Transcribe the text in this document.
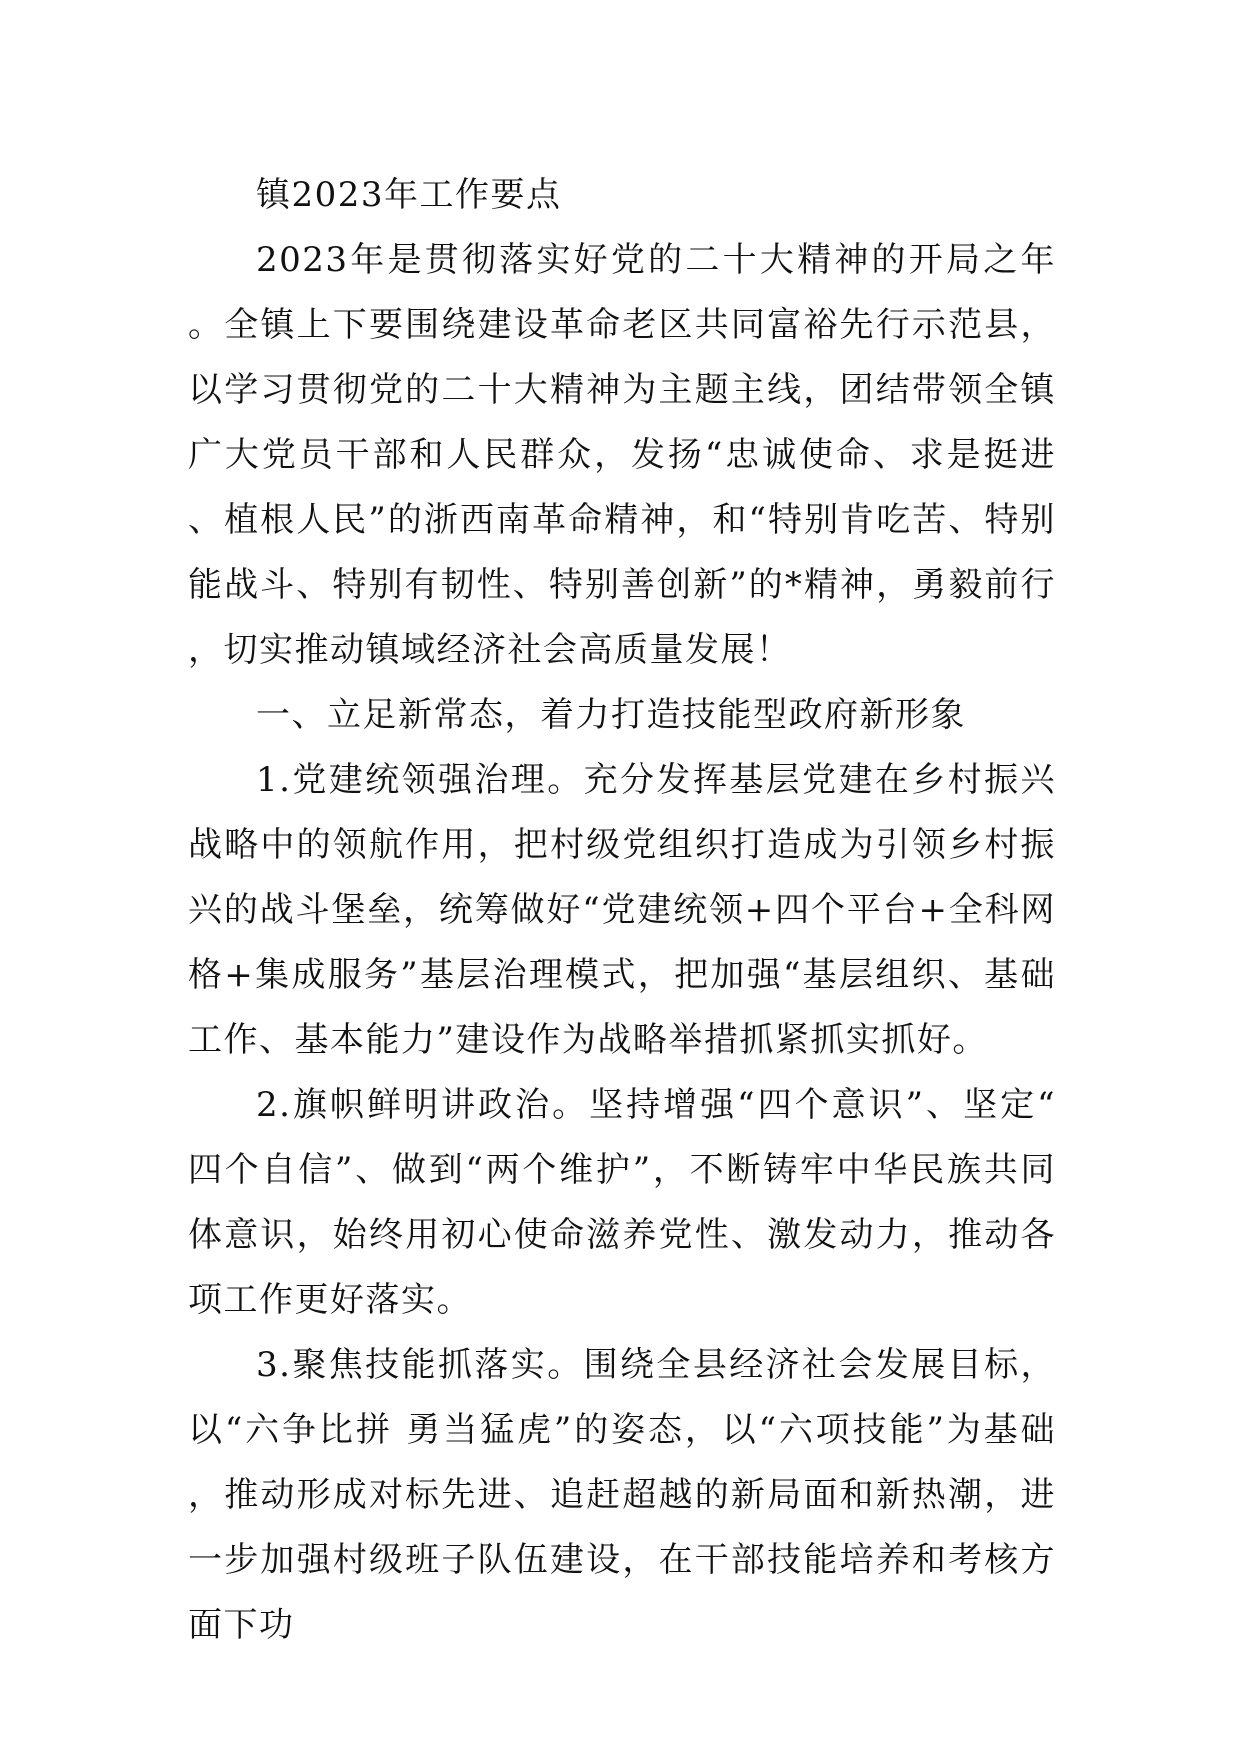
镇2023年工作要点

2023年是贯彻落实好党的二十大精神的开局之年。全镇上下要围绕建设革命老区共同富裕先行示范县，以学习贯彻党的二十大精神为主题主线，团结带领全镇广大党员干部和人民群众，发扬“忠诚使命、求是挺进、植根人民”的浙西南革命精神，和“特别肯吃苦、特别能战斗、特别有韧性、特别善创新”的*精神，勇毅前行，切实推动镇域经济社会高质量发展！

一、立足新常态，着力打造技能型政府新形象

1.党建统领强治理。充分发挥基层党建在乡村振兴战略中的领航作用，把村级党组织打造成为引领乡村振兴的战斗堡垒，统筹做好“党建统领+四个平台+全科网格+集成服务”基层治理模式，把加强“基层组织、基础工作、基本能力”建设作为战略举措抓紧抓实抓好。

2.旗帜鲜明讲政治。坚持增强“四个意识”、坚定“四个自信”、做到“两个维护”，不断铸牢中华民族共同体意识，始终用初心使命滋养党性、激发动力，推动各项工作更好落实。

3.聚焦技能抓落实。围绕全县经济社会发展目标，以“六争比拼 勇当猛虎”的姿态，以“六项技能”为基础，推动形成对标先进、追赶超越的新局面和新热潮，进一步加强村级班子队伍建设，在干部技能培养和考核方面下功
